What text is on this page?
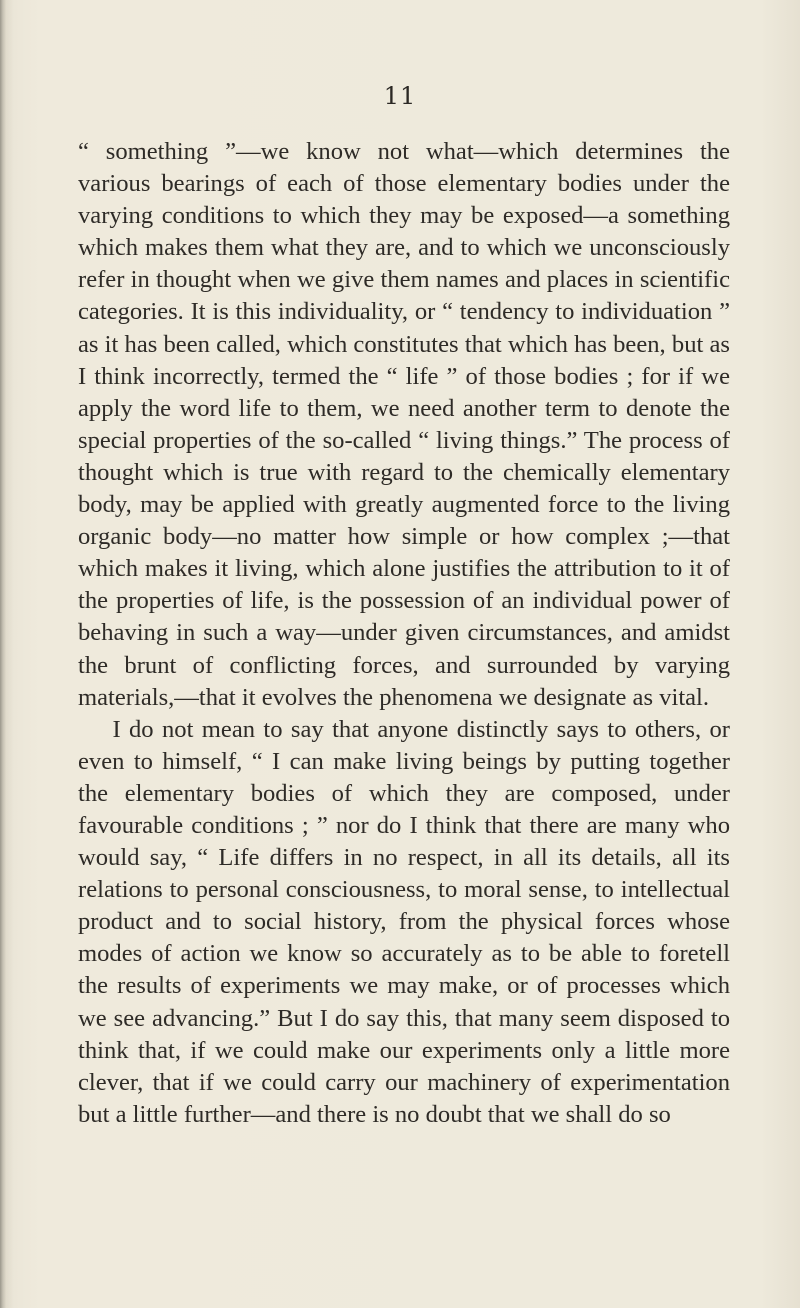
11

“ something ”—we know not what—which determines the various bearings of each of those elementary bodies under the varying conditions to which they may be exposed—a something which makes them what they are, and to which we unconsciously refer in thought when we give them names and places in scientific categories. It is this individuality, or “ tendency to individuation ” as it has been called, which constitutes that which has been, but as I think incorrectly, termed the “ life ” of those bodies ; for if we apply the word life to them, we need another term to denote the special properties of the so-called “ living things.” The process of thought which is true with regard to the chemically elementary body, may be applied with greatly augmented force to the living organic body—no matter how simple or how complex ;—that which makes it living, which alone justifies the attribution to it of the properties of life, is the possession of an individual power of behaving in such a way—under given circumstances, and amidst the brunt of conflicting forces, and surrounded by varying materials,—that it evolves the phenomena we designate as vital.

I do not mean to say that anyone distinctly says to others, or even to himself, “ I can make living beings by putting together the elementary bodies of which they are composed, under favourable conditions ; ” nor do I think that there are many who would say, “ Life differs in no respect, in all its details, all its relations to personal consciousness, to moral sense, to intellectual product and to social history, from the physical forces whose modes of action we know so accurately as to be able to foretell the results of experiments we may make, or of processes which we see advancing.” But I do say this, that many seem disposed to think that, if we could make our experiments only a little more clever, that if we could carry our machinery of experimentation but a little further—and there is no doubt that we shall do so
